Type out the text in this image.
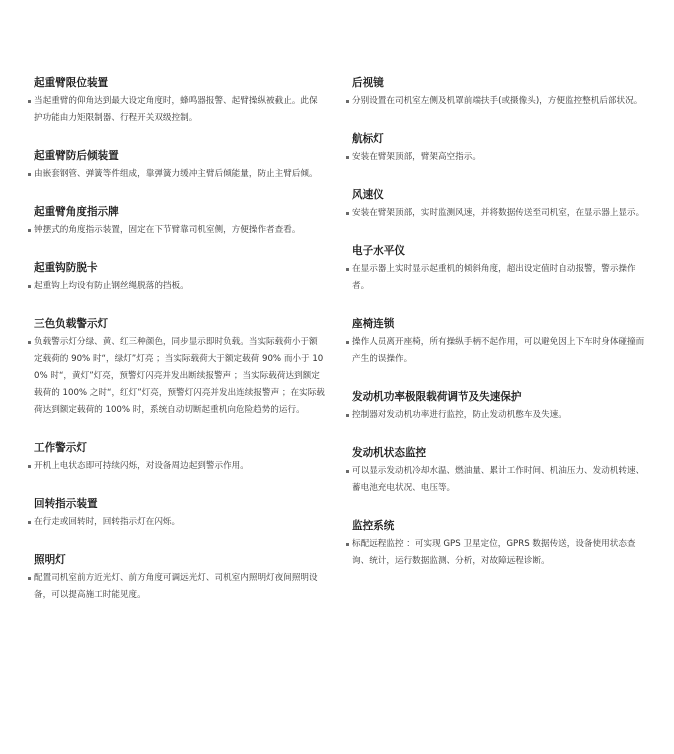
起重臂限位装置
当起重臂的仰角达到最大设定角度时，蜂鸣器报警、起臂操纵被截止。此保护功能由力矩限制器、行程开关双级控制。
起重臂防后倾装置
由嵌套钢管、弹簧等件组成，靠弹簧力缓冲主臂后倾能量，防止主臂后倾。
起重臂角度指示牌
钟摆式的角度指示装置，固定在下节臂靠司机室侧，方便操作者查看。
起重钩防脱卡
起重钩上均设有防止钢丝绳脱落的挡板。
三色负载警示灯
负载警示灯分绿、黄、红三种颜色，同步显示即时负载。当实际载荷小于额定载荷的 90% 时“，绿灯”灯亮 ；当实际载荷大于额定载荷 90% 而小于 100% 时“，黄灯”灯亮，预警灯闪亮并发出断续报警声 ；当实际载荷达到额定载荷的 100% 之时“，红灯”灯亮，预警灯闪亮并发出连续报警声 ；在实际载荷达到额定载荷的 100% 时，系统自动切断起重机向危险趋势的运行。
工作警示灯
开机上电状态即可持续闪烁，对设备周边起到警示作用。
回转指示装置
在行走或回转时，回转指示灯在闪烁。
照明灯
配置司机室前方近光灯、前方角度可调远光灯、司机室内照明灯夜间照明设备，可以提高施工时能见度。
后视镜
分别设置在司机室左侧及机罩前端扶手(或摄像头)，方便监控整机后部状况。
航标灯
安装在臂架顶部，臂架高空指示。
风速仪
安装在臂架顶部，实时监测风速，并将数据传送至司机室，在显示器上显示。
电子水平仪
在显示器上实时显示起重机的倾斜角度，超出设定值时自动报警，警示操作者。
座椅连锁
操作人员离开座椅，所有操纵手柄不起作用，可以避免因上下车时身体碰撞而产生的误操作。
发动机功率极限载荷调节及失速保护
控制器对发动机功率进行监控，防止发动机憋车及失速。
发动机状态监控
可以显示发动机冷却水温、燃油量、累计工作时间、机油压力、发动机转速、蓄电池充电状况、电压等。
监控系统
标配远程监控 ：可实现 GPS 卫星定位，GPRS 数据传送，设备使用状态查询、统计，运行数据监测、分析，对故障远程诊断。
